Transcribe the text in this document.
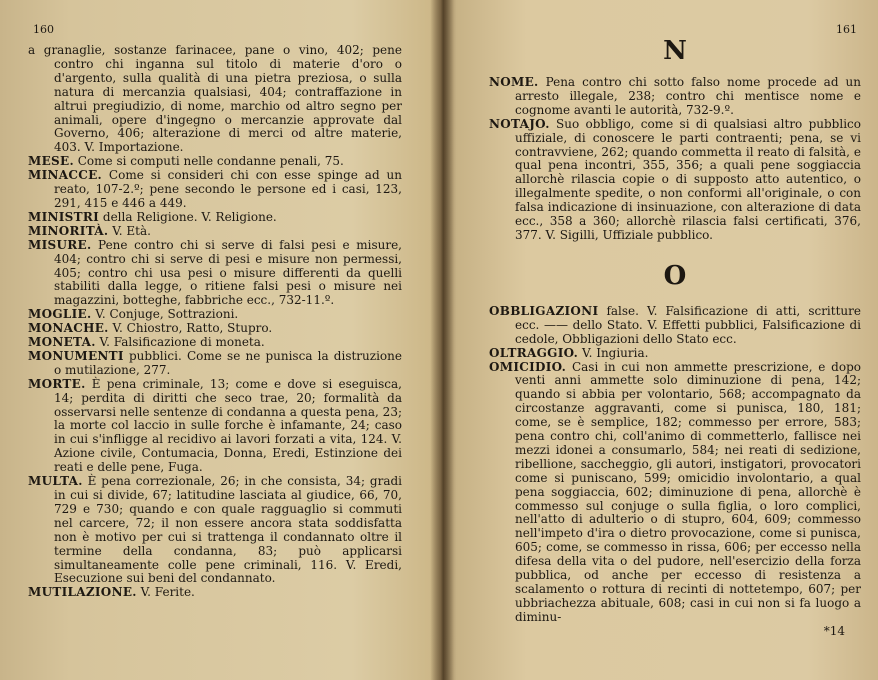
160

a granaglie, sostanze farinacee, pane o vino, 402; pene contro chi inganna sul titolo di materie d'oro o d'argento, sulla qualità di una pietra preziosa, o sulla natura di mercanzia qualsiasi, 404; contraffazione in altrui pregiudizio, di nome, marchio od altro segno per animali, opere d'ingegno o mercanzie approvate dal Governo, 406; alterazione di merci od altre materie, 403. V. Importazione.

MESE. Come si computi nelle condanne penali, 75.

MINACCE. Come si consideri chi con esse spinge ad un reato, 107-2.º; pene secondo le persone ed i casi, 123, 291, 415 e 446 a 449.

MINISTRI della Religione. V. Religione.

MINORITÀ. V. Età.

MISURE. Pene contro chi si serve di falsi pesi e misure, 404; contro chi si serve di pesi e misure non permessi, 405; contro chi usa pesi o misure differenti da quelli stabiliti dalla legge, o ritiene falsi pesi o misure nei magazzini, botteghe, fabbriche ecc., 732-11.º.

MOGLIE. V. Conjuge, Sottrazioni.

MONACHE. V. Chiostro, Ratto, Stupro.

MONETA. V. Falsificazione di moneta.

MONUMENTI pubblici. Come se ne punisca la distruzione o mutilazione, 277.

MORTE. È pena criminale, 13; come e dove si eseguisca, 14; perdita di diritti che seco trae, 20; formalità da osservarsi nelle sentenze di condanna a questa pena, 23; la morte col laccio in sulle forche è infamante, 24; caso in cui s'infligge al recidivo ai lavori forzati a vita, 124. V. Azione civile, Contumacia, Donna, Eredi, Estinzione dei reati e delle pene, Fuga.

MULTA. È pena correzionale, 26; in che consista, 34; gradi in cui si divide, 67; latitudine lasciata al giudice, 66, 70, 729 e 730; quando e con quale ragguaglio si commuti nel carcere, 72; il non essere ancora stata soddisfatta non è motivo per cui si trattenga il condannato oltre il termine della condanna, 83; può applicarsi simultaneamente colle pene criminali, 116. V. Eredi, Esecuzione sui beni del condannato.

MUTILAZIONE. V. Ferite.

161

N

NOME. Pena contro chi sotto falso nome procede ad un arresto illegale, 238; contro chi mentisce nome e cognome avanti le autorità, 732-9.º.

NOTAJO. Suo obbligo, come si di qualsiasi altro pubblico uffiziale, di conoscere le parti contraenti; pena, se vi contravviene, 262; quando commetta il reato di falsità, e qual pena incontri, 355, 356; a quali pene soggiaccia allorchè rilascia copie o di supposto atto autentico, o illegalmente spedite, o non conformi all'originale, o con falsa indicazione di insinuazione, con alterazione di data ecc., 358 a 360; allorchè rilascia falsi certificati, 376, 377. V. Sigilli, Uffiziale pubblico.

O

OBBLIGAZIONI false. V. Falsificazione di atti, scritture ecc. —— dello Stato. V. Effetti pubblici, Falsificazione di cedole, Obbligazioni dello Stato ecc.

OLTRAGGIO. V. Ingiuria.

OMICIDIO. Casi in cui non ammette prescrizione, e dopo venti anni ammette solo diminuzione di pena, 142; quando si abbia per volontario, 568; accompagnato da circostanze aggravanti, come si punisca, 180, 181; come, se è semplice, 182; commesso per errore, 583; pena contro chi, coll'animo di commetterlo, fallisce nei mezzi idonei a consumarlo, 584; nei reati di sedizione, ribellione, saccheggio, gli autori, instigatori, provocatori come si puniscano, 599; omicidio involontario, a qual pena soggiaccia, 602; diminuzione di pena, allorchè è commesso sul conjuge o sulla figlia, o loro complici, nell'atto di adulterio o di stupro, 604, 609; commesso nell'impeto d'ira o dietro provocazione, come si punisca, 605; come, se commesso in rissa, 606; per eccesso nella difesa della vita o del pudore, nell'esercizio della forza pubblica, od anche per eccesso di resistenza a scalamento o rottura di recinti di nottetempo, 607; per ubbriachezza abituale, 608; casi in cui non si fa luogo a diminu-

*14
